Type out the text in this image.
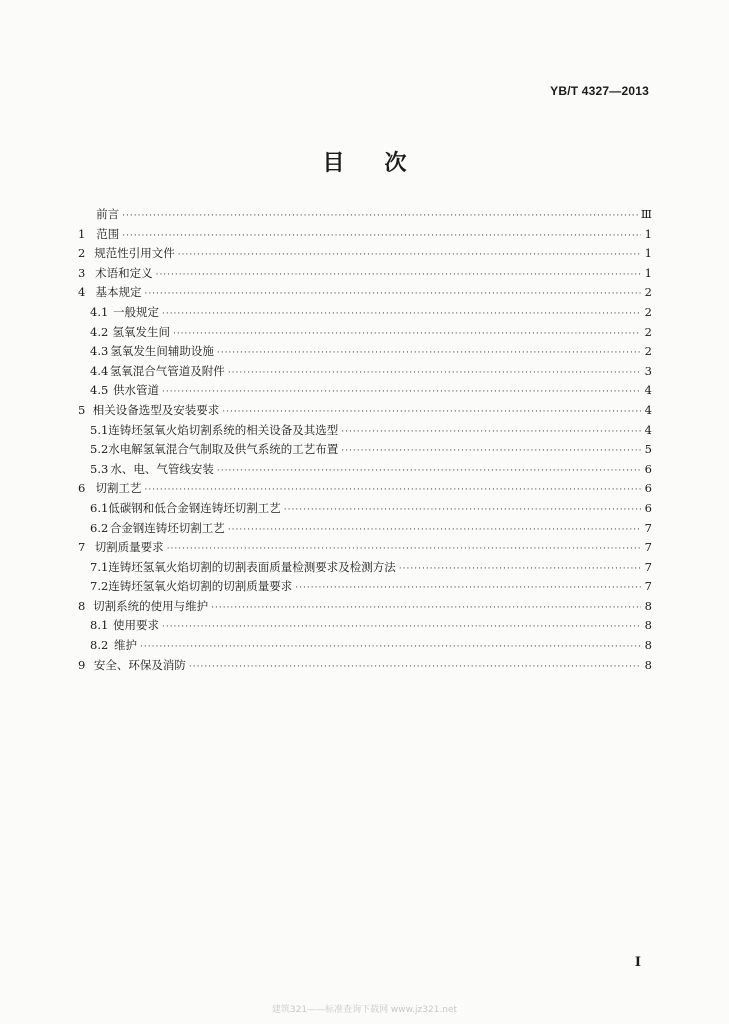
YB/T 4327—2013
目 次
前言 ·····	Ⅲ
1 范围 ·····	1
2 规范性引用文件 ·····	1
3 术语和定义 ·····	1
4 基本规定 ·····	2
4.1 一般规定 ·····	2
4.2 氢氧发生间 ·····	2
4.3 氢氧发生间辅助设施 ·····	2
4.4 氢氧混合气管道及附件 ·····	3
4.5 供水管道 ·····	4
5 相关设备选型及安装要求 ·····	4
5.1 连铸坯氢氧火焰切割系统的相关设备及其选型 ·····	4
5.2 水电解氢氧混合气制取及供气系统的工艺布置 ·····	5
5.3 水、电、气管线安装 ·····	6
6 切割工艺 ·····	6
6.1 低碳钢和低合金钢连铸坯切割工艺 ·····	6
6.2 合金钢连铸坯切割工艺 ·····	7
7 切割质量要求 ·····	7
7.1 连铸坯氢氧火焰切割的切割表面质量检测要求及检测方法 ·····	7
7.2 连铸坯氢氧火焰切割的切割质量要求 ·····	7
8 切割系统的使用与维护 ·····	8
8.1 使用要求 ·····	8
8.2 维护 ·····	8
9 安全、环保及消防 ·····	8
I
建筑321——标准查询下载网 www.jz321.net
